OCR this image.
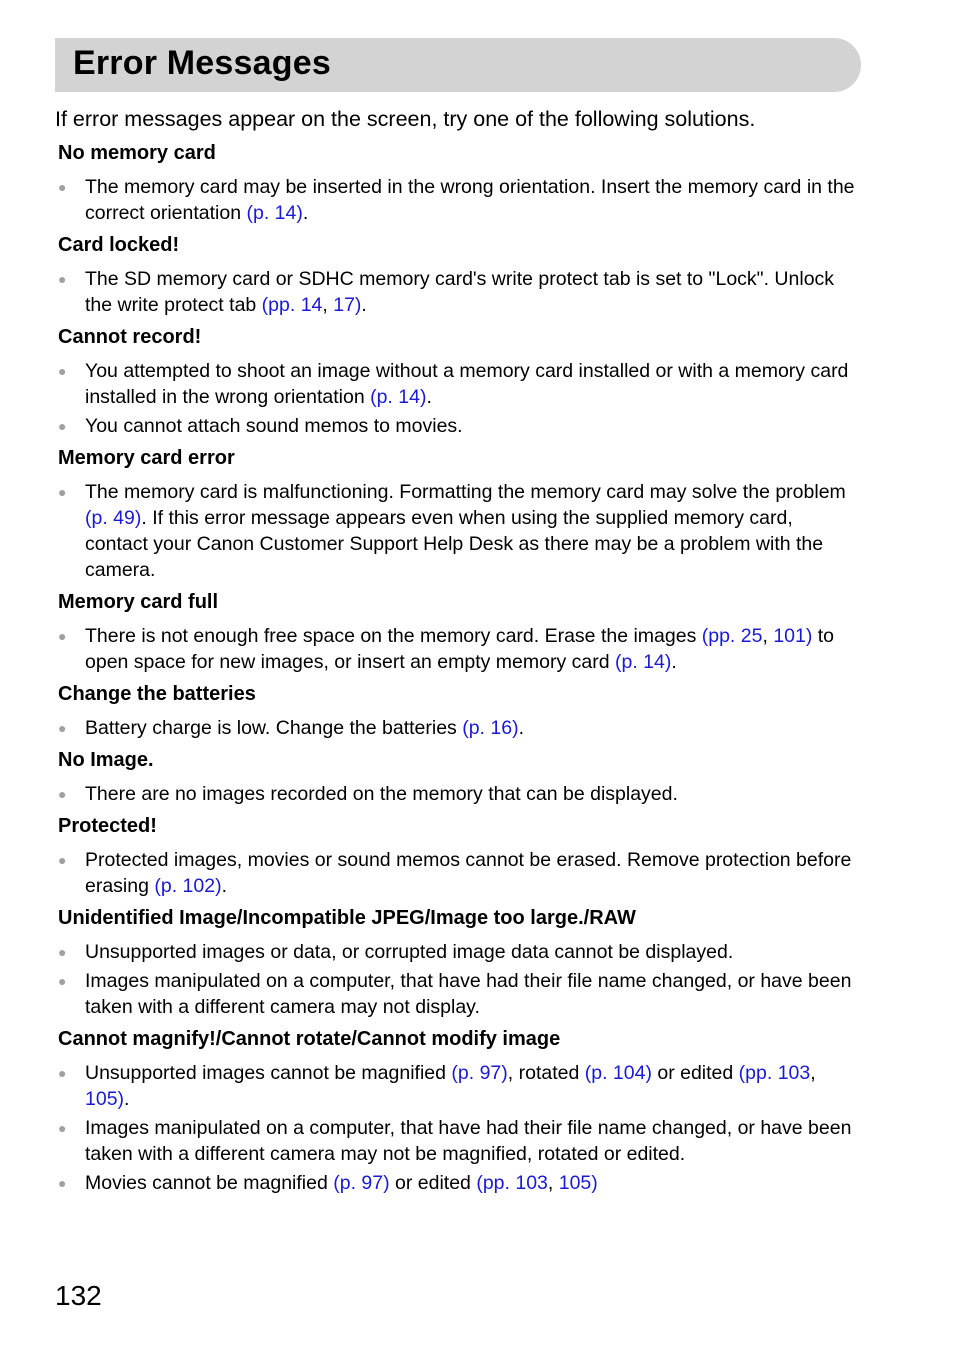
Error Messages
If error messages appear on the screen, try one of the following solutions.
No memory card
● The memory card may be inserted in the wrong orientation. Insert the memory card in the correct orientation (p. 14).
Card locked!
● The SD memory card or SDHC memory card's write protect tab is set to "Lock". Unlock the write protect tab (pp. 14, 17).
Cannot record!
● You attempted to shoot an image without a memory card installed or with a memory card installed in the wrong orientation (p. 14).
● You cannot attach sound memos to movies.
Memory card error
● The memory card is malfunctioning. Formatting the memory card may solve the problem (p. 49). If this error message appears even when using the supplied memory card, contact your Canon Customer Support Help Desk as there may be a problem with the camera.
Memory card full
● There is not enough free space on the memory card. Erase the images (pp. 25, 101) to open space for new images, or insert an empty memory card (p. 14).
Change the batteries
● Battery charge is low. Change the batteries (p. 16).
No Image.
● There are no images recorded on the memory that can be displayed.
Protected!
● Protected images, movies or sound memos cannot be erased. Remove protection before erasing (p. 102).
Unidentified Image/Incompatible JPEG/Image too large./RAW
● Unsupported images or data, or corrupted image data cannot be displayed.
● Images manipulated on a computer, that have had their file name changed, or have been taken with a different camera may not display.
Cannot magnify!/Cannot rotate/Cannot modify image
● Unsupported images cannot be magnified (p. 97), rotated (p. 104) or edited (pp. 103, 105).
● Images manipulated on a computer, that have had their file name changed, or have been taken with a different camera may not be magnified, rotated or edited.
● Movies cannot be magnified (p. 97) or edited (pp. 103, 105)
132
